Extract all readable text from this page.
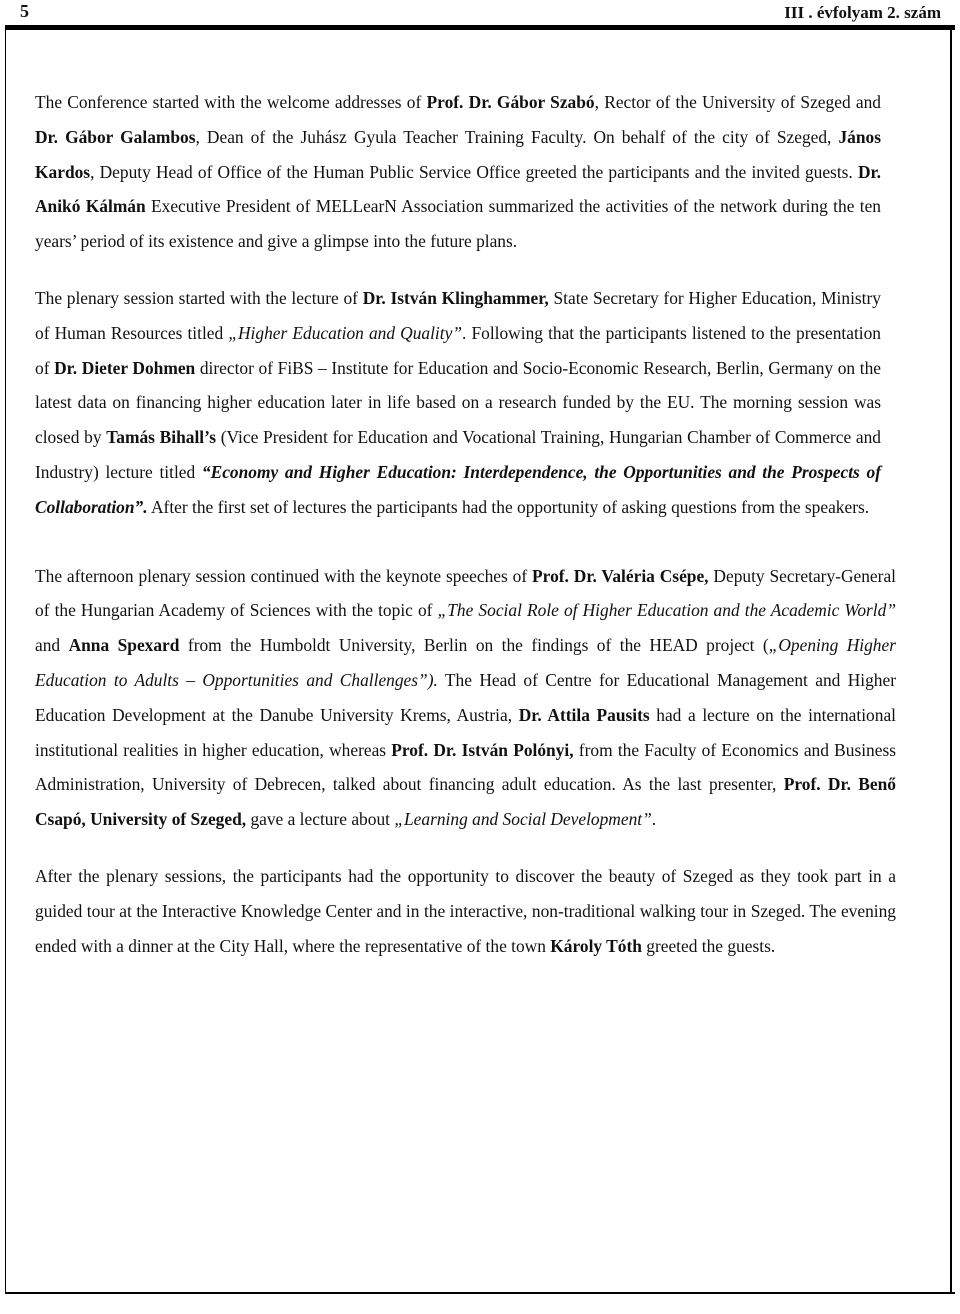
5	III . évfolyam 2. szám

The Conference started with the welcome addresses of Prof. Dr. Gábor Szabó, Rector of the University of Szeged and Dr. Gábor Galambos, Dean of the Juhász Gyula Teacher Training Faculty. On behalf of the city of Szeged, János Kardos, Deputy Head of Office of the Human Public Service Office greeted the participants and the invited guests. Dr. Anikó Kálmán Executive President of MELLearN Association summarized the activities of the network during the ten years’ period of its existence and give a glimpse into the future plans.

The plenary session started with the lecture of Dr. István Klinghammer, State Secretary for Higher Education, Ministry of Human Resources titled „Higher Education and Quality”. Following that the participants listened to the presentation of Dr. Dieter Dohmen director of FiBS – Institute for Education and Socio-Economic Research, Berlin, Germany on the latest data on financing higher education later in life based on a research funded by the EU. The morning session was closed by Tamás Bihall’s (Vice President for Education and Vocational Training, Hungarian Chamber of Commerce and Industry) lecture titled “Economy and Higher Education: Interdependence, the Opportunities and the Prospects of Collaboration”. After the first set of lectures the participants had the opportunity of asking questions from the speakers.

The afternoon plenary session continued with the keynote speeches of Prof. Dr. Valéria Csépe, Deputy Secretary-General of the Hungarian Academy of Sciences with the topic of „The Social Role of Higher Education and the Academic World” and Anna Spexard from the Humboldt University, Berlin on the findings of the HEAD project („Opening Higher Education to Adults – Opportunities and Challenges”). The Head of Centre for Educational Management and Higher Education Development at the Danube University Krems, Austria, Dr. Attila Pausits had a lecture on the international institutional realities in higher education, whereas Prof. Dr. István Polónyi, from the Faculty of Economics and Business Administration, University of Debrecen, talked about financing adult education. As the last presenter, Prof. Dr. Benő Csapó, University of Szeged, gave a lecture about „Learning and Social Development”.

After the plenary sessions, the participants had the opportunity to discover the beauty of Szeged as they took part in a guided tour at the Interactive Knowledge Center and in the interactive, non-traditional walking tour in Szeged. The evening ended with a dinner at the City Hall, where the representative of the town Károly Tóth greeted the guests.
